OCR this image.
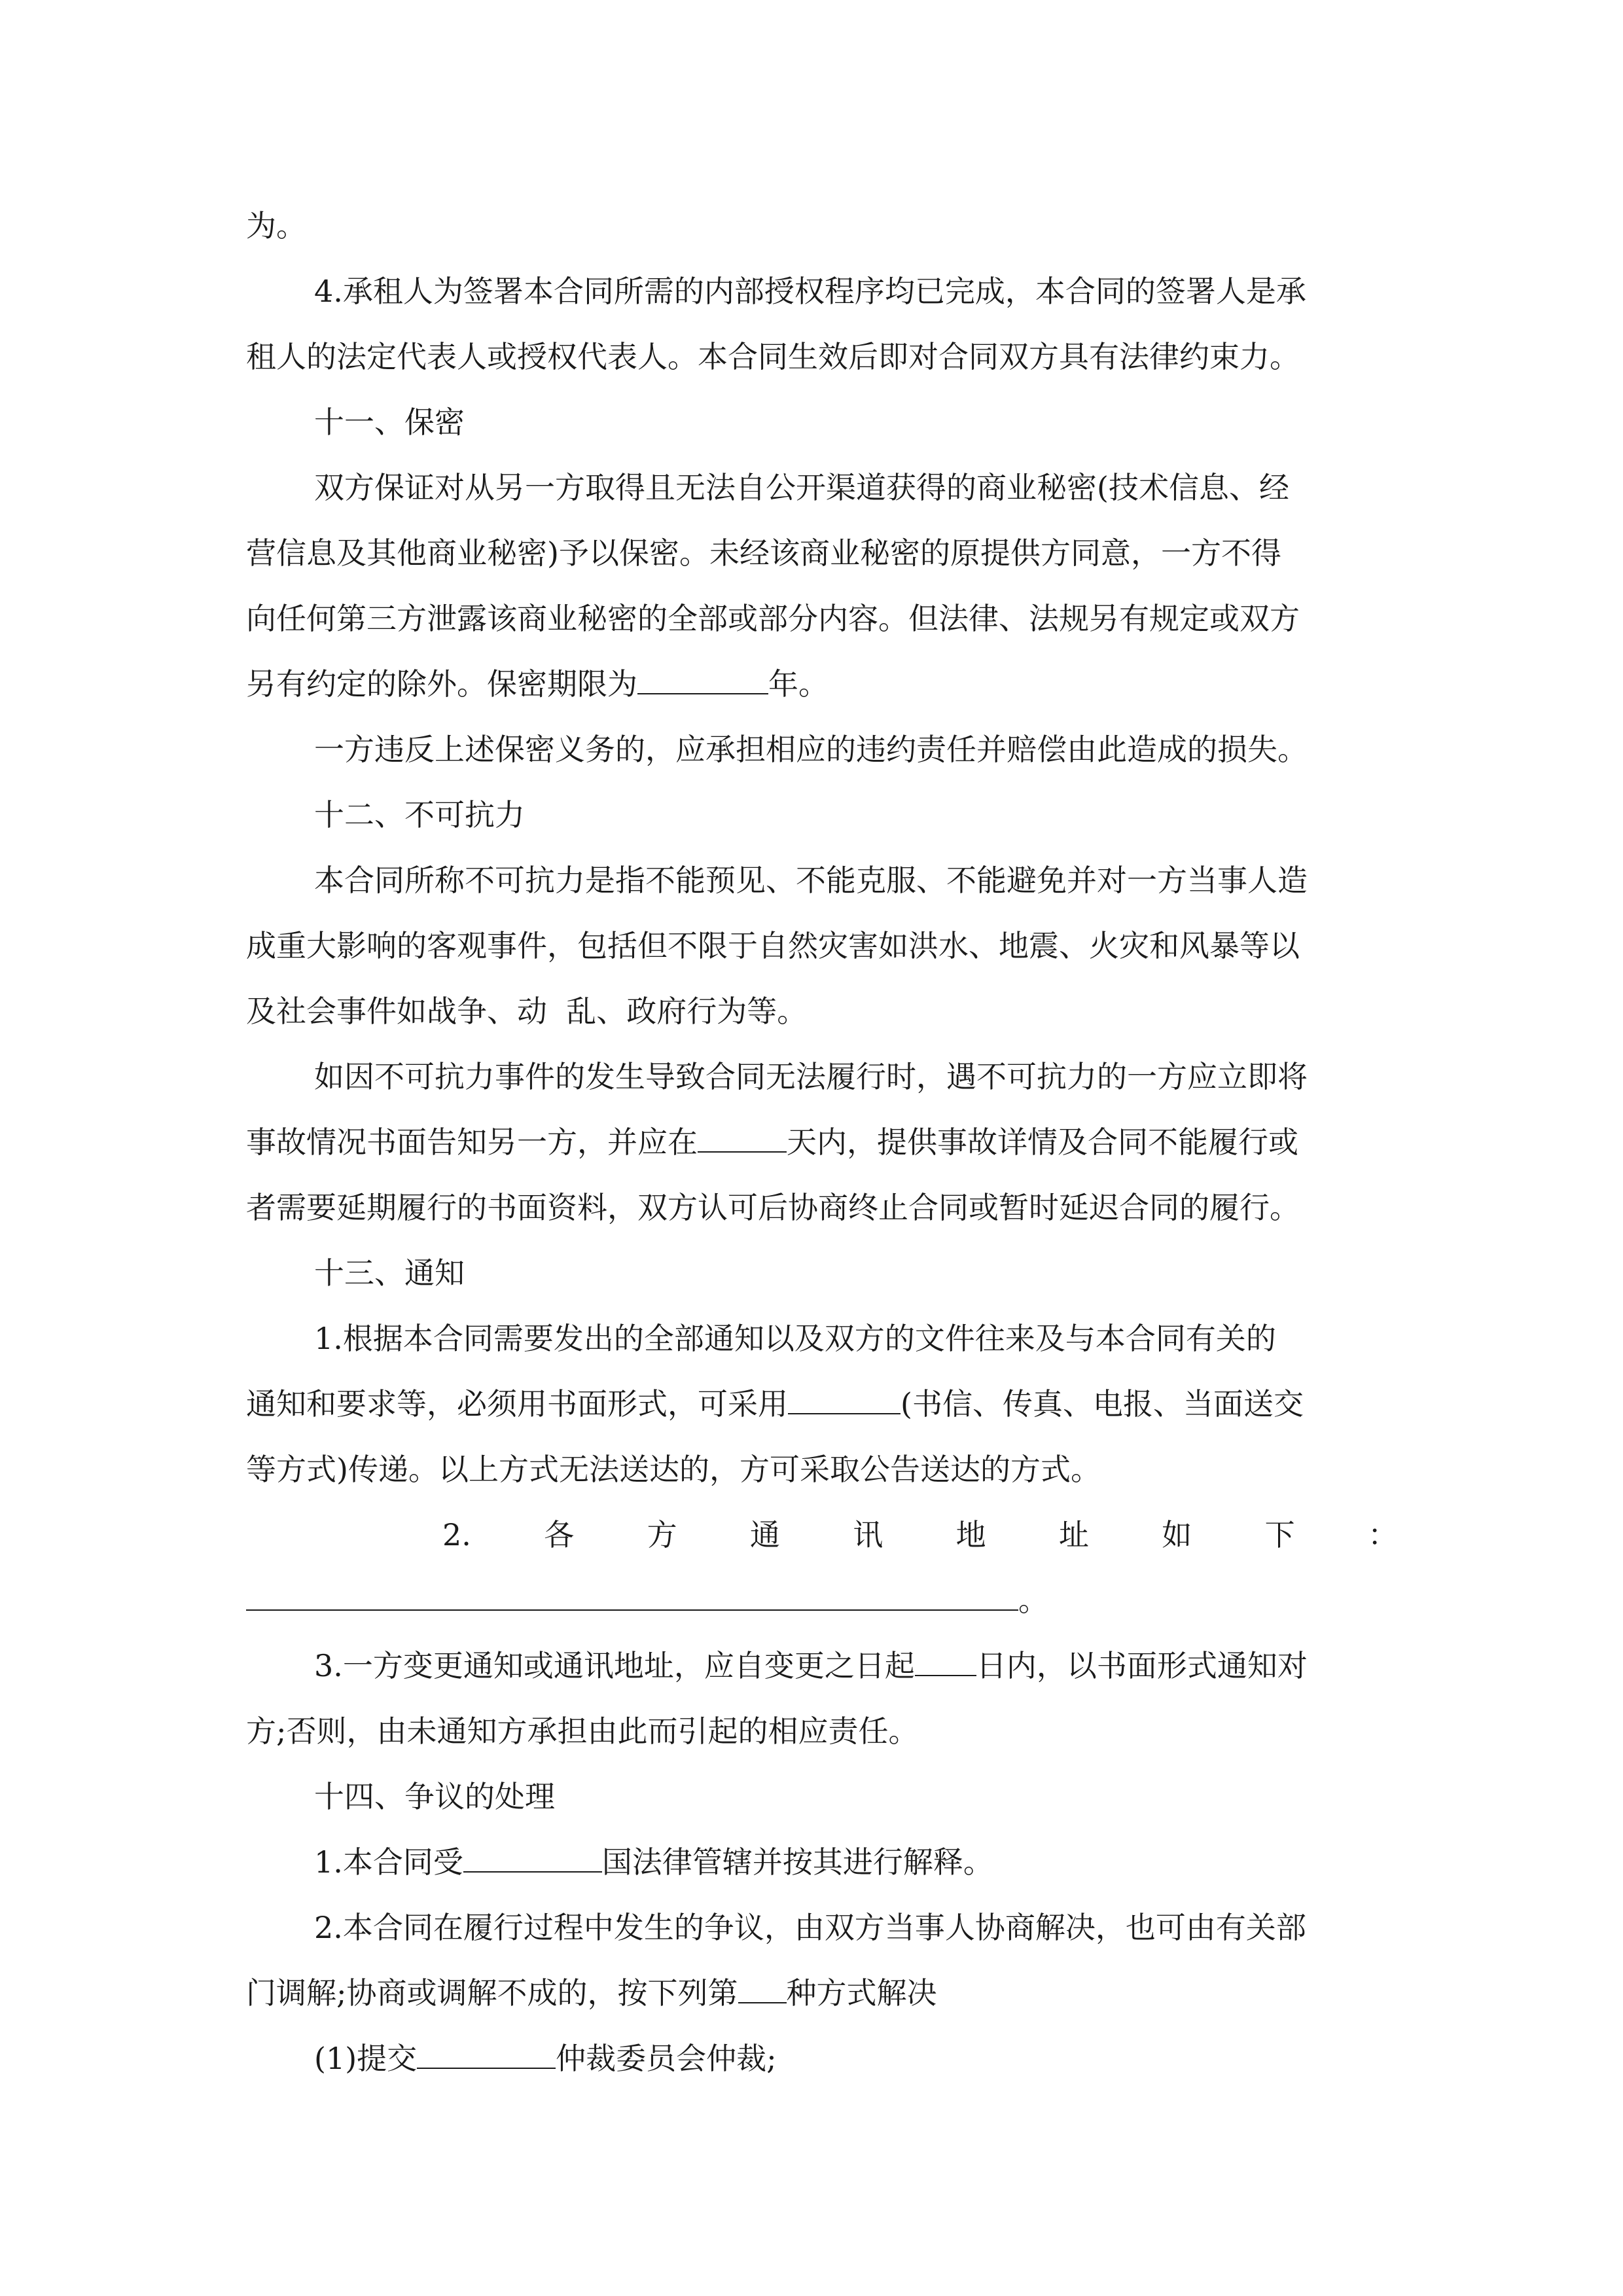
为。

4.承租人为签署本合同所需的内部授权程序均已完成，本合同的签署人是承

租人的法定代表人或授权代表人。本合同生效后即对合同双方具有法律约束力。

十一、保密

双方保证对从另一方取得且无法自公开渠道获得的商业秘密(技术信息、经

营信息及其他商业秘密)予以保密。未经该商业秘密的原提供方同意，一方不得

向任何第三方泄露该商业秘密的全部或部分内容。但法律、法规另有规定或双方

另有约定的除外。保密期限为	年。

一方违反上述保密义务的，应承担相应的违约责任并赔偿由此造成的损失。

十二、不可抗力

本合同所称不可抗力是指不能预见、不能克服、不能避免并对一方当事人造

成重大影响的客观事件，包括但不限于自然灾害如洪水、地震、火灾和风暴等以

及社会事件如战争、动  乱、政府行为等。

如因不可抗力事件的发生导致合同无法履行时，遇不可抗力的一方应立即将

事故情况书面告知另一方，并应在	天内，提供事故详情及合同不能履行或

者需要延期履行的书面资料，双方认可后协商终止合同或暂时延迟合同的履行。

十三、通知

1.根据本合同需要发出的全部通知以及双方的文件往来及与本合同有关的

通知和要求等，必须用书面形式，可采用	(书信、传真、电报、当面送交

等方式)传递。以上方式无法送达的，方可采取公告送达的方式。

2. 各 方 通 讯 地 址 如 下 ：

。

3.一方变更通知或通讯地址，应自变更之日起 日内，以书面形式通知对

方;否则，由未通知方承担由此而引起的相应责任。

十四、争议的处理

1.本合同受	国法律管辖并按其进行解释。

2.本合同在履行过程中发生的争议，由双方当事人协商解决，也可由有关部

门调解;协商或调解不成的，按下列第 种方式解决

(1)提交	仲裁委员会仲裁;
